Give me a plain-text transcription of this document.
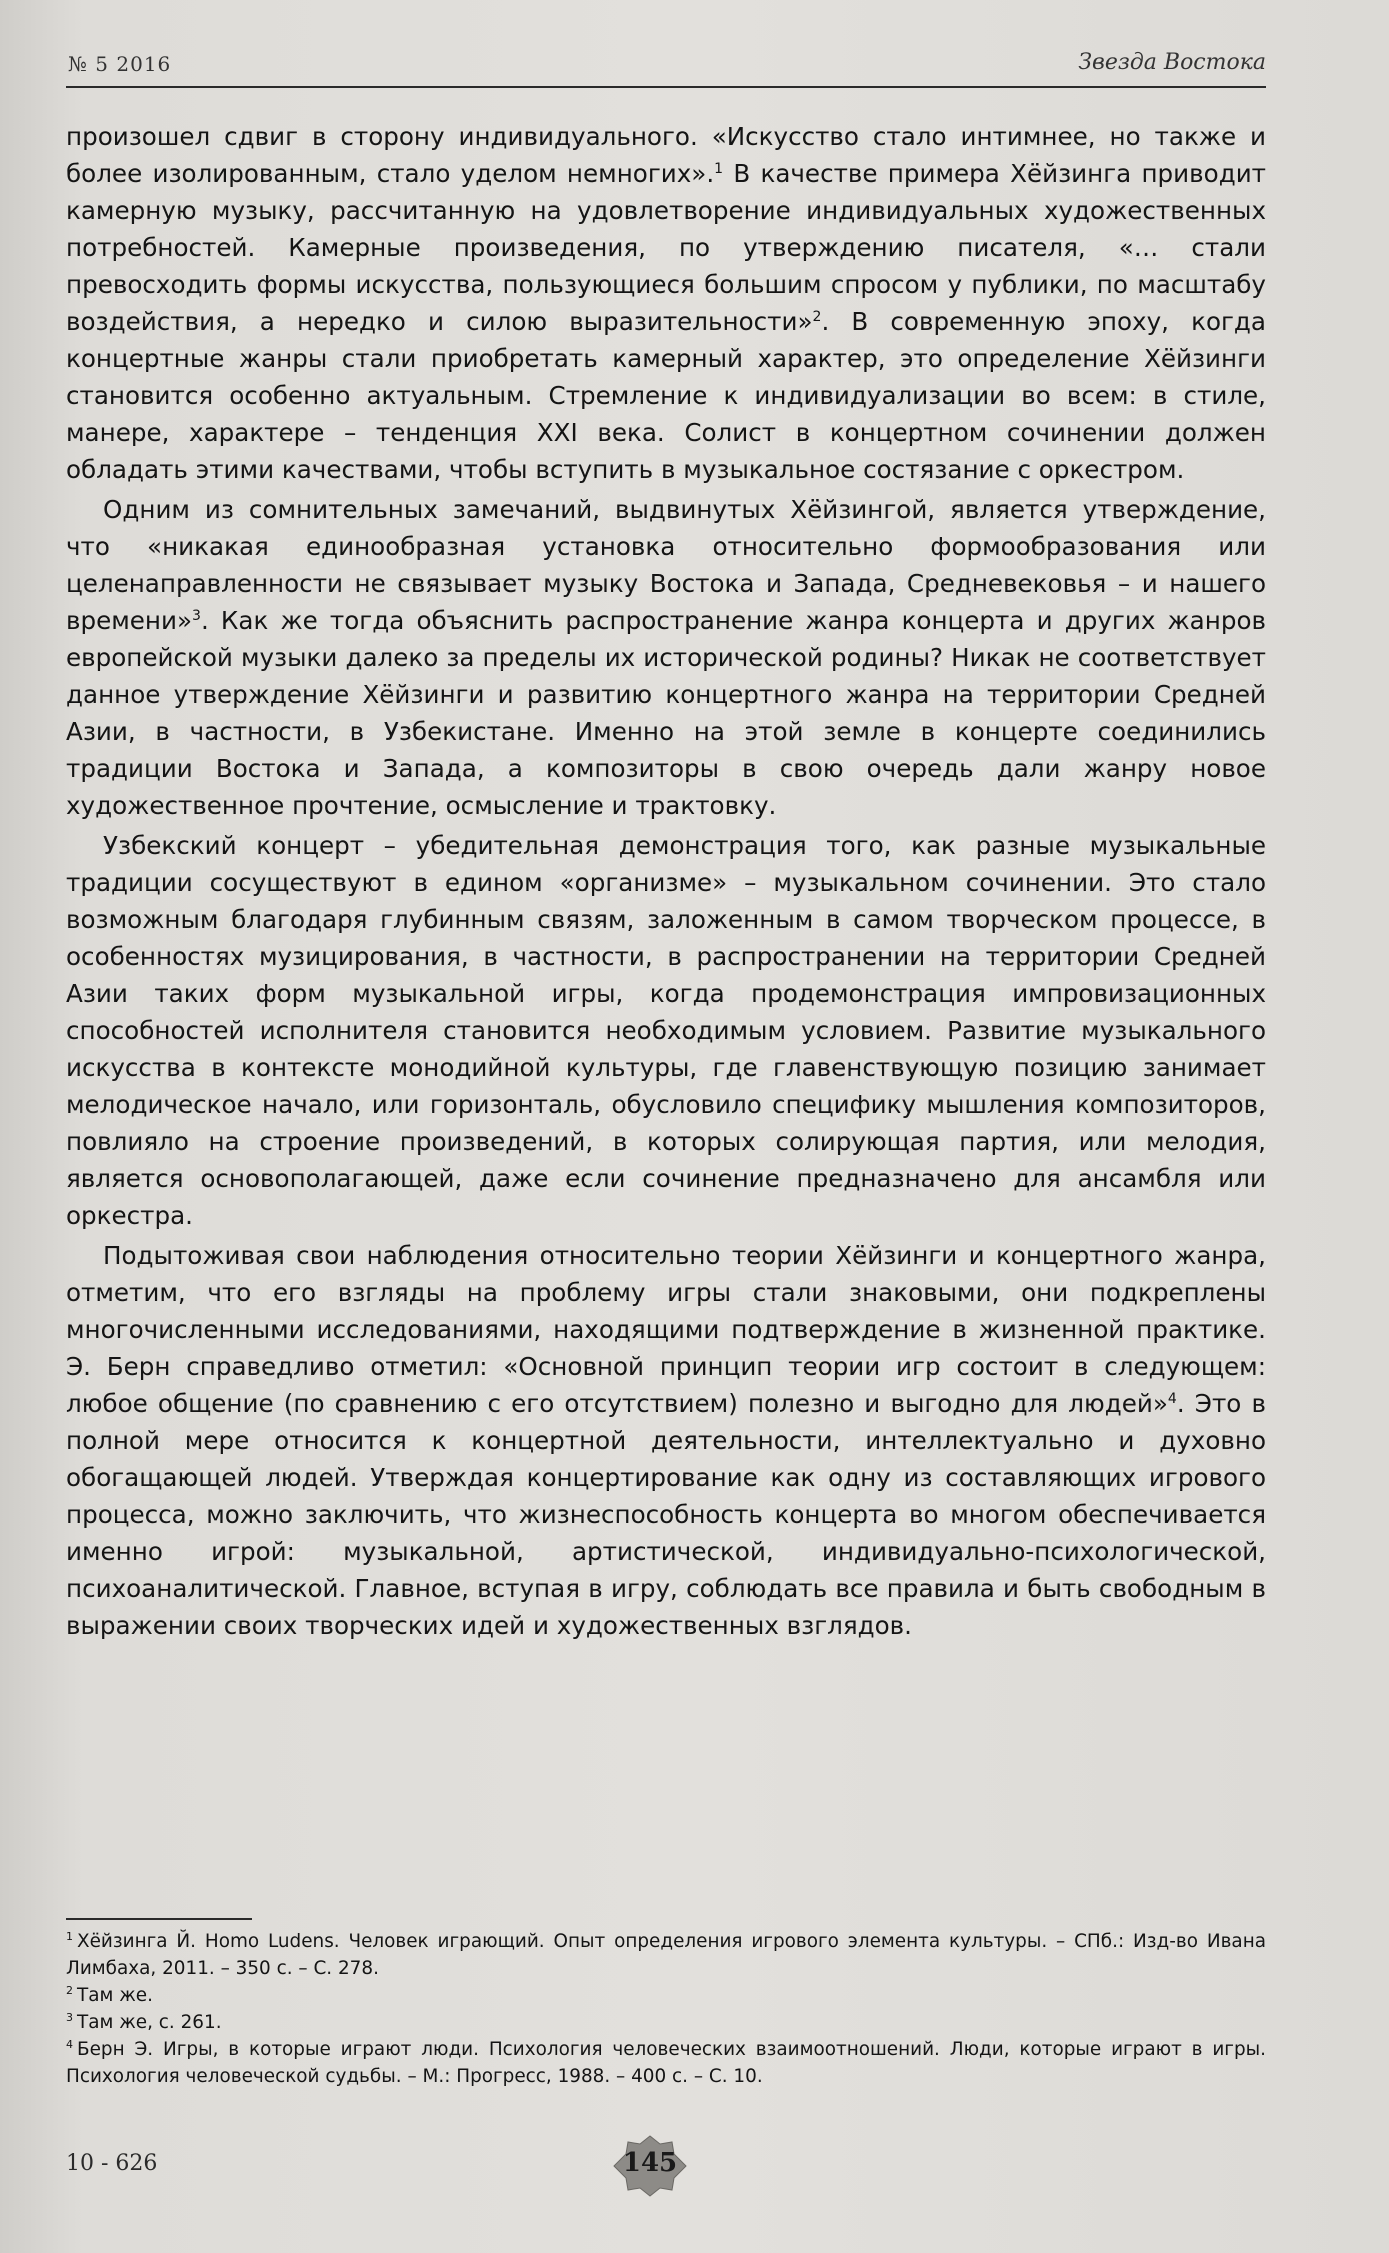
№ 5 2016	Звезда Востока

произошел сдвиг в сторону индивидуального. «Искусство стало интимнее, но также и более изолированным, стало уделом немногих».$^1$ В качестве примера Хёйзинга приводит камерную музыку, рассчитанную на удовлетворение индивидуальных художественных потребностей. Камерные произведения, по утверждению писателя, «… стали превосходить формы искусства, пользующиеся большим спросом у публики, по масштабу воздействия, а нередко и силою выразительности»$^2$. В современную эпоху, когда концертные жанры стали приобретать камерный характер, это определение Хёйзинги становится особенно актуальным. Стремление к индивидуализации во всем: в стиле, манере, характере – тенденция XXI века. Солист в концертном сочинении должен обладать этими качествами, чтобы вступить в музыкальное состязание с оркестром.

Одним из сомнительных замечаний, выдвинутых Хёйзингой, является утверждение, что «никакая единообразная установка относительно формообразования или целенаправленности не связывает музыку Востока и Запада, Средневековья – и нашего времени»$^3$. Как же тогда объяснить распространение жанра концерта и других жанров европейской музыки далеко за пределы их исторической родины? Никак не соответствует данное утверждение Хёйзинги и развитию концертного жанра на территории Средней Азии, в частности, в Узбекистане. Именно на этой земле в концерте соединились традиции Востока и Запада, а композиторы в свою очередь дали жанру новое художественное прочтение, осмысление и трактовку.

Узбекский концерт – убедительная демонстрация того, как разные музыкальные традиции сосуществуют в едином «организме» – музыкальном сочинении. Это стало возможным благодаря глубинным связям, заложенным в самом творческом процессе, в особенностях музицирования, в частности, в распространении на территории Средней Азии таких форм музыкальной игры, когда продемонстрация импровизационных способностей исполнителя становится необходимым условием. Развитие музыкального искусства в контексте монодийной культуры, где главенствующую позицию занимает мелодическое начало, или горизонталь, обусловило специфику мышления композиторов, повлияло на строение произведений, в которых солирующая партия, или мелодия, является основополагающей, даже если сочинение предназначено для ансамбля или оркестра.

Подытоживая свои наблюдения относительно теории Хёйзинги и концертного жанра, отметим, что его взгляды на проблему игры стали знаковыми, они подкреплены многочисленными исследованиями, находящими подтверждение в жизненной практике. Э. Берн справедливо отметил: «Основной принцип теории игр состоит в следующем: любое общение (по сравнению с его отсутствием) полезно и выгодно для людей»$^4$. Это в полной мере относится к концертной деятельности, интеллектуально и духовно обогащающей людей. Утверждая концертирование как одну из составляющих игрового процесса, можно заключить, что жизнеспособность концерта во многом обеспечивается именно игрой: музыкальной, артистической, индивидуально-психологической, психоаналитической. Главное, вступая в игру, соблюдать все правила и быть свободным в выражении своих творческих идей и художественных взглядов.

$^1$ Хёйзинга Й. Homo Ludens. Человек играющий. Опыт определения игрового элемента культуры. – СПб.: Изд-во Ивана Лимбаха, 2011. – 350 с. – С. 278.

$^2$ Там же.

$^3$ Там же, с. 261.

$^4$ Берн Э. Игры, в которые играют люди. Психология человеческих взаимоотношений. Люди, которые играют в игры. Психология человеческой судьбы. – М.: Прогресс, 1988. – 400 с. – С. 10.

10 - 626	145
